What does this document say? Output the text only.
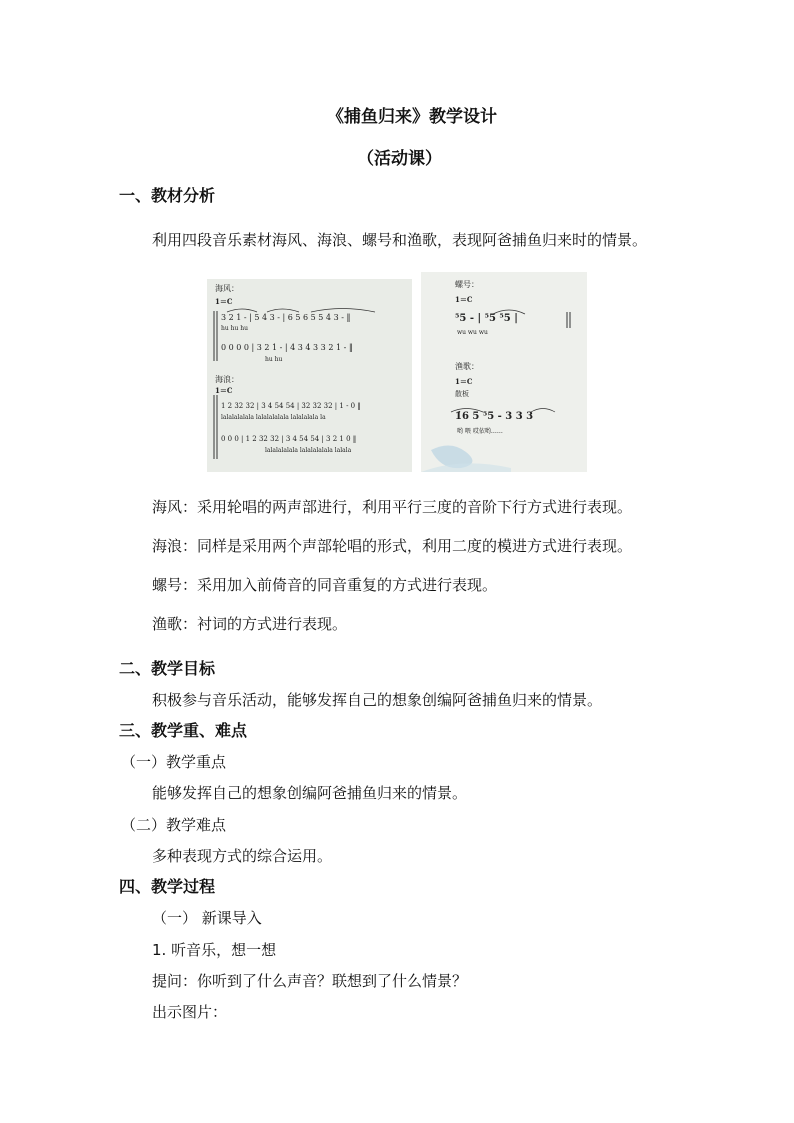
《捕鱼归来》教学设计
（活动课）
一、教材分析
利用四段音乐素材海风、海浪、螺号和渔歌，表现阿爸捕鱼归来时的情景。
海风：
1＝C
3 2 1 - | 5 4 3 - | 6 5 6 5 5 4 3 - ‖
hu hu hu
0 0 0 0 | 3 2 1 - | 4 3 4 3 3 2 1 - ‖
hu hu
海浪：
1＝C
1 2 32 32 | 3 4 54 54 | 32 32 32 | 1 - 0 ‖
lalalalalala lalalalalala lalalalala la
0 0 0 | 1 2 32 32 | 3 4 54 54 | 3 2 1 0 ‖
lalalalalala lalalalalala lalala
螺号：
1＝C
⁵5 - | ⁵5 ⁵5 |
wu wu wu
渔歌：
1＝C
散板
1̇6 5 ⁵5 - 3 3 3
哟 喂 哎依哟……
海风：采用轮唱的两声部进行，利用平行三度的音阶下行方式进行表现。
海浪：同样是采用两个声部轮唱的形式，利用二度的模进方式进行表现。
螺号：采用加入前倚音的同音重复的方式进行表现。
渔歌：衬词的方式进行表现。
二、教学目标
积极参与音乐活动，能够发挥自己的想象创编阿爸捕鱼归来的情景。
三、教学重、难点
（一）教学重点
能够发挥自己的想象创编阿爸捕鱼归来的情景。
（二）教学难点
多种表现方式的综合运用。
四、教学过程
（一） 新课导入
1. 听音乐，想一想
提问：你听到了什么声音？联想到了什么情景？
出示图片：
